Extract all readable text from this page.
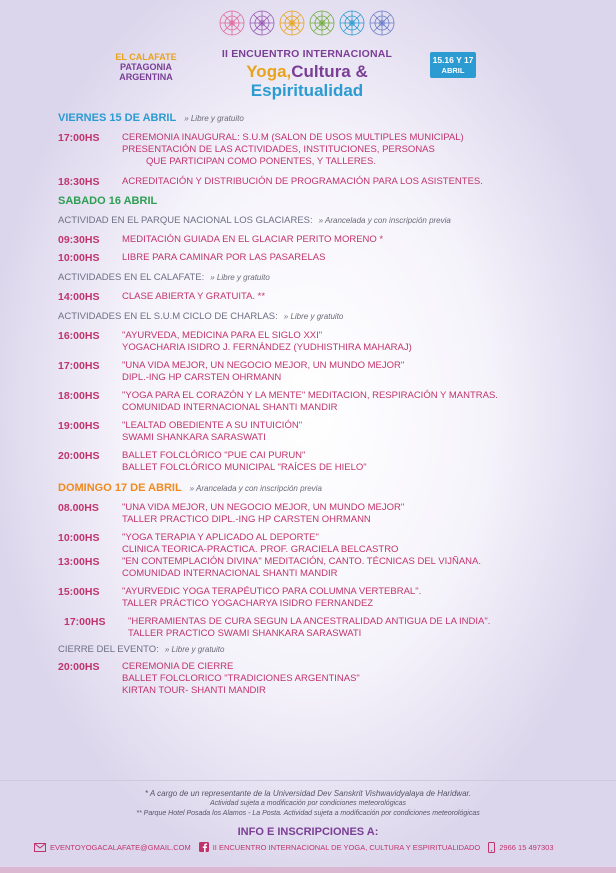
EL CALAFATE
PATAGONIA
ARGENTINA
II ENCUENTRO INTERNACIONAL
Yoga,Cultura &
Espiritualidad
15.16 Y 17
ABRIL
VIERNES 15 DE ABRIL » Libre y gratuito
17:00HS	CEREMONIA INAUGURAL: S.U.M (SALON DE USOS MULTIPLES MUNICIPAL)
PRESENTACIÓN DE LAS ACTIVIDADES, INSTITUCIONES, PERSONAS
QUE PARTICIPAN COMO PONENTES, Y TALLERES.
18:30HS	ACREDITACIÓN Y DISTRIBUCIÓN DE PROGRAMACIÓN PARA LOS ASISTENTES.
SABADO 16 ABRIL
ACTIVIDAD EN EL PARQUE NACIONAL LOS GLACIARES: » Arancelada y con inscripción previa
09:30HS	MEDITACIÓN GUIADA EN EL GLACIAR PERITO MORENO *
10:00HS	LIBRE PARA CAMINAR POR LAS PASARELAS
ACTIVIDADES EN EL CALAFATE: » Libre y gratuito
14:00HS	CLASE ABIERTA Y GRATUITA. **
ACTIVIDADES EN EL S.U.M CICLO DE CHARLAS: » Libre y gratuito
16:00HS	"AYURVEDA, MEDICINA PARA EL SIGLO XXI"
YOGACHARIA ISIDRO J. FERNÁNDEZ (YUDHISTHIRA MAHARAJ)
17:00HS	"UNA VIDA MEJOR, UN NEGOCIO MEJOR, UN MUNDO MEJOR"
DIPL.-ING HP CARSTEN OHRMANN
18:00HS	"YOGA PARA EL CORAZÓN Y LA MENTE" MEDITACION, RESPIRACIÓN Y MANTRAS.
COMUNIDAD INTERNACIONAL SHANTI MANDIR
19:00HS	"LEALTAD OBEDIENTE A SU INTUICIÓN"
SWAMI SHANKARA SARASWATI
20:00HS	BALLET FOLCLÓRICO "PUE CAI PURUN"
BALLET FOLCLÓRICO MUNICIPAL "RAÍCES DE HIELO"
DOMINGO 17 DE ABRIL » Arancelada y con inscripción previa
08.00HS	"UNA VIDA MEJOR, UN NEGOCIO MEJOR, UN MUNDO MEJOR"
TALLER PRACTICO DIPL.-ING HP CARSTEN OHRMANN
10:00HS	"YOGA TERAPIA Y APLICADO AL DEPORTE"
CLINICA TEORICA-PRACTICA. PROF. GRACIELA BELCASTRO
13:00HS	"EN CONTEMPLACIÓN DIVINA" MEDITACIÓN, CANTO. TÉCNICAS DEL VIJÑANA.
COMUNIDAD INTERNACIONAL SHANTI MANDIR
15:00HS	"AYURVEDIC YOGA TERAPÉUTICO PARA COLUMNA VERTEBRAL".
TALLER PRÁCTICO YOGACHARYA ISIDRO FERNANDEZ
17:00HS	"HERRAMIENTAS DE CURA SEGUN LA ANCESTRALIDAD ANTIGUA DE LA INDIA".
TALLER PRACTICO SWAMI SHANKARA SARASWATI
CIERRE DEL EVENTO: » Libre y gratuito
20:00HS	CEREMONIA DE CIERRE
BALLET FOLCLORICO "TRADICIONES ARGENTINAS"
KIRTAN TOUR- SHANTI MANDIR
* A cargo de un representante de la Universidad Dev Sanskrit Vishwavidyalaya de Haridwar.
Actividad sujeta a modificación por condiciones meteorológicas
** Parque Hotel Posada los Alamos - La Posta. Actividad sujeta a modificación por condiciones meteorológicas
INFO E INSCRIPCIONES A:
EVENTOYOGACALAFATE@GMAIL.COM	II ENCUENTRO INTERNACIONAL DE YOGA, CULTURA Y ESPIRITUALIDADO	2966 15 497303
